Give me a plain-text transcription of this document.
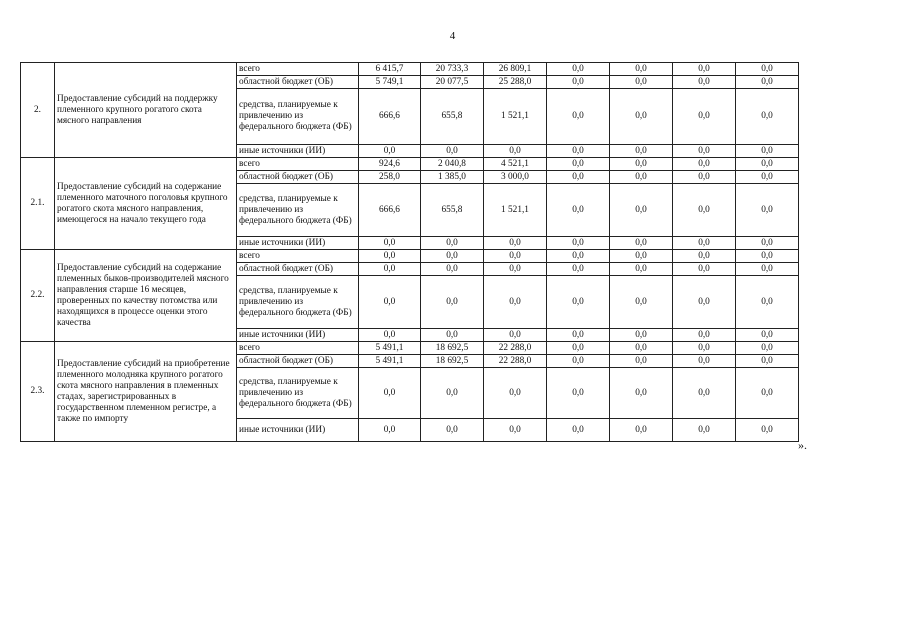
4
2.	Предоставление субсидий на поддержку племенного крупного рогатого скота мясного направления	всего	6 415,7	20 733,3	26 809,1	0,0	0,0	0,0	0,0
		областной бюджет (ОБ)	5 749,1	20 077,5	25 288,0	0,0	0,0	0,0	0,0
		средства, планируемые к привлечению из федерального бюджета (ФБ)	666,6	655,8	1 521,1	0,0	0,0	0,0	0,0
		иные источники (ИИ)	0,0	0,0	0,0	0,0	0,0	0,0	0,0
2.1.	Предоставление субсидий на содержание племенного маточного поголовья крупного рогатого скота мясного направления, имеющегося на начало текущего года	всего	924,6	2 040,8	4 521,1	0,0	0,0	0,0	0,0
		областной бюджет (ОБ)	258,0	1 385,0	3 000,0	0,0	0,0	0,0	0,0
		средства, планируемые к привлечению из федерального бюджета (ФБ)	666,6	655,8	1 521,1	0,0	0,0	0,0	0,0
		иные источники (ИИ)	0,0	0,0	0,0	0,0	0,0	0,0	0,0
2.2.	Предоставление субсидий на содержание племенных быков-производителей мясного направления старше 16 месяцев, проверенных по качеству потомства или находящихся в процессе оценки этого качества	всего	0,0	0,0	0,0	0,0	0,0	0,0	0,0
		областной бюджет (ОБ)	0,0	0,0	0,0	0,0	0,0	0,0	0,0
		средства, планируемые к привлечению из федерального бюджета (ФБ)	0,0	0,0	0,0	0,0	0,0	0,0	0,0
		иные источники (ИИ)	0,0	0,0	0,0	0,0	0,0	0,0	0,0
2.3.	Предоставление субсидий на приобретение племенного молодняка крупного рогатого скота мясного направления в племенных стадах, зарегистрированных в государственном племенном регистре, а также по импорту	всего	5 491,1	18 692,5	22 288,0	0,0	0,0	0,0	0,0
		областной бюджет (ОБ)	5 491,1	18 692,5	22 288,0	0,0	0,0	0,0	0,0
		средства, планируемые к привлечению из федерального бюджета (ФБ)	0,0	0,0	0,0	0,0	0,0	0,0	0,0
		иные источники (ИИ)	0,0	0,0	0,0	0,0	0,0	0,0	0,0
».
